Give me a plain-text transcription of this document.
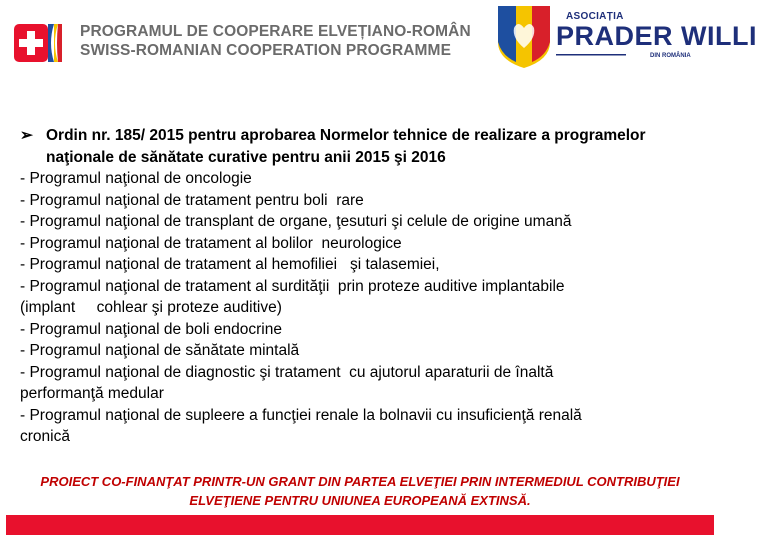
PROGRAMUL DE COOPERARE ELVEȚIANO-ROMÂN
SWISS-ROMANIAN COOPERATION PROGRAMME
ASOCIAȚIA
PRADER WILLI
DIN ROMÂNIA
➢ Ordin nr. 185/ 2015 pentru aprobarea Normelor tehnice de realizare a programelor naţionale de sănătate curative pentru anii 2015 şi 2016

- Programul naţional de oncologie

- Programul naţional de tratament pentru boli  rare

- Programul naţional de transplant de organe, ţesuturi şi celule de origine umană

- Programul naţional de tratament al bolilor  neurologice

- Programul naţional de tratament al hemofiliei   şi talasemiei,

- Programul naţional de tratament al surdităţii  prin proteze auditive implantabile

(implant     cohlear şi proteze auditive)

- Programul naţional de boli endocrine

- Programul naţional de sănătate mintală

- Programul naţional de diagnostic şi tratament  cu ajutorul aparaturii de înaltă

performanţă medular

- Programul naţional de supleere a funcţiei renale la bolnavii cu insuficienţă renală

cronică

PROIECT CO-FINANŢAT PRINTR-UN GRANT DIN PARTEA ELVEŢIEI PRIN INTERMEDIUL CONTRIBUŢIEI
ELVEŢIENE PENTRU UNIUNEA EUROPEANĂ EXTINSĂ.
